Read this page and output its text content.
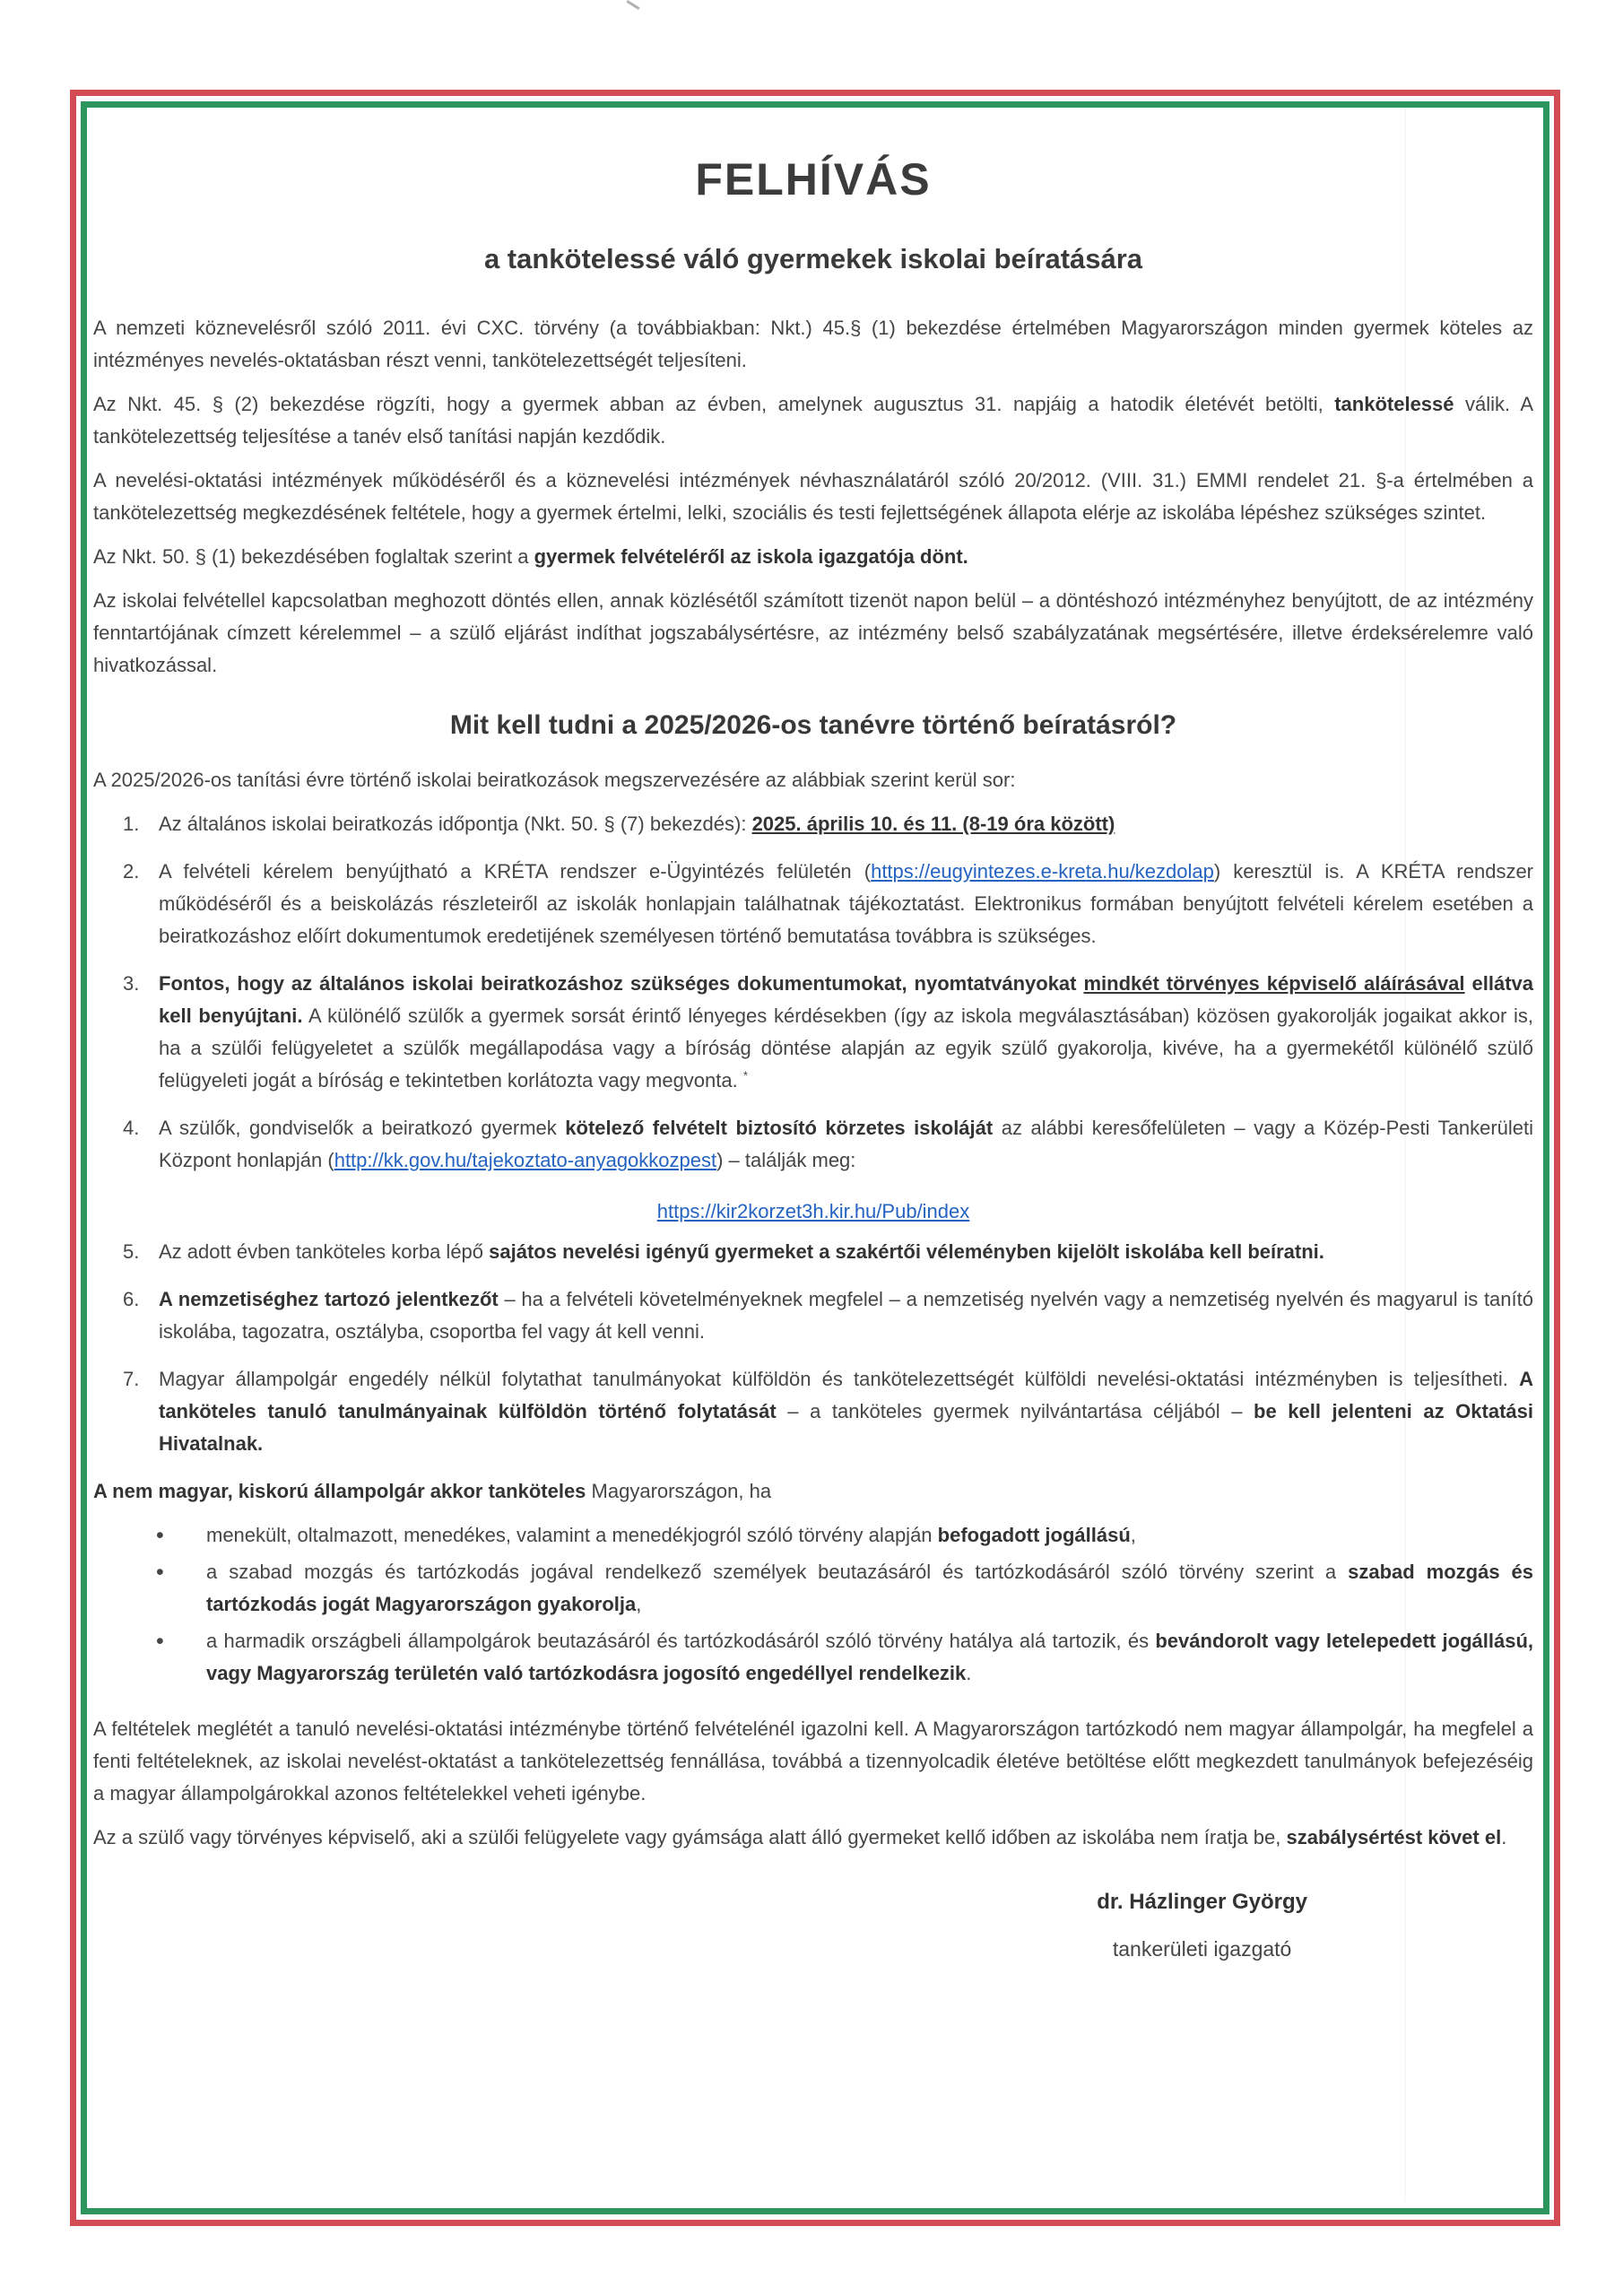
FELHÍVÁS
a tankötelessé váló gyermekek iskolai beíratására

A nemzeti köznevelésről szóló 2011. évi CXC. törvény (a továbbiakban: Nkt.) 45.§ (1) bekezdése értelmében Magyarországon minden gyermek köteles az intézményes nevelés-oktatásban részt venni, tankötelezettségét teljesíteni.

Az Nkt. 45. § (2) bekezdése rögzíti, hogy a gyermek abban az évben, amelynek augusztus 31. napjáig a hatodik életévét betölti, tankötelessé válik. A tankötelezettség teljesítése a tanév első tanítási napján kezdődik.

A nevelési-oktatási intézmények működéséről és a köznevelési intézmények névhasználatáról szóló 20/2012. (VIII. 31.) EMMI rendelet 21. §-a értelmében a tankötelezettség megkezdésének feltétele, hogy a gyermek értelmi, lelki, szociális és testi fejlettségének állapota elérje az iskolába lépéshez szükséges szintet.

Az Nkt. 50. § (1) bekezdésében foglaltak szerint a gyermek felvételéről az iskola igazgatója dönt.

Az iskolai felvétellel kapcsolatban meghozott döntés ellen, annak közlésétől számított tizenöt napon belül – a döntéshozó intézményhez benyújtott, de az intézmény fenntartójának címzett kérelemmel – a szülő eljárást indíthat jogszabálysértésre, az intézmény belső szabályzatának megsértésére, illetve érdeksérelemre való hivatkozással.

Mit kell tudni a 2025/2026-os tanévre történő beíratásról?

A 2025/2026-os tanítási évre történő iskolai beiratkozások megszervezésére az alábbiak szerint kerül sor:

1. Az általános iskolai beiratkozás időpontja (Nkt. 50. § (7) bekezdés): 2025. április 10. és 11. (8-19 óra között)
2. A felvételi kérelem benyújtható a KRÉTA rendszer e-Ügyintézés felületén (https://eugyintezes.e-kreta.hu/kezdolap) keresztül is. A KRÉTA rendszer működéséről és a beiskolázás részleteiről az iskolák honlapjain találhatnak tájékoztatást. Elektronikus formában benyújtott felvételi kérelem esetében a beiratkozáshoz előírt dokumentumok eredetijének személyesen történő bemutatása továbbra is szükséges.
3. Fontos, hogy az általános iskolai beiratkozáshoz szükséges dokumentumokat, nyomtatványokat mindkét törvényes képviselő aláírásával ellátva kell benyújtani. A különélő szülők a gyermek sorsát érintő lényeges kérdésekben (így az iskola megválasztásában) közösen gyakorolják jogaikat akkor is, ha a szülői felügyeletet a szülők megállapodása vagy a bíróság döntése alapján az egyik szülő gyakorolja, kivéve, ha a gyermekétől különélő szülő felügyeleti jogát a bíróság e tekintetben korlátozta vagy megvonta. *
4. A szülők, gondviselők a beiratkozó gyermek kötelező felvételt biztosító körzetes iskoláját az alábbi keresőfelületen – vagy a Közép-Pesti Tankerületi Központ honlapján (http://kk.gov.hu/tajekoztato-anyagokkozpest) – találják meg:

https://kir2korzet3h.kir.hu/Pub/index

5. Az adott évben tanköteles korba lépő sajátos nevelési igényű gyermeket a szakértői véleményben kijelölt iskolába kell beíratni.
6. A nemzetiséghez tartozó jelentkezőt – ha a felvételi követelményeknek megfelel – a nemzetiség nyelvén vagy a nemzetiség nyelvén és magyarul is tanító iskolába, tagozatra, osztályba, csoportba fel vagy át kell venni.
7. Magyar állampolgár engedély nélkül folytathat tanulmányokat külföldön és tankötelezettségét külföldi nevelési-oktatási intézményben is teljesítheti. A tanköteles tanuló tanulmányainak külföldön történő folytatását – a tanköteles gyermek nyilvántartása céljából – be kell jelenteni az Oktatási Hivatalnak.

A nem magyar, kiskorú állampolgár akkor tanköteles Magyarországon, ha

• menekült, oltalmazott, menedékes, valamint a menedékjogról szóló törvény alapján befogadott jogállású,
• a szabad mozgás és tartózkodás jogával rendelkező személyek beutazásáról és tartózkodásáról szóló törvény szerint a szabad mozgás és tartózkodás jogát Magyarországon gyakorolja,
• a harmadik országbeli állampolgárok beutazásáról és tartózkodásáról szóló törvény hatálya alá tartozik, és bevándorolt vagy letelepedett jogállású, vagy Magyarország területén való tartózkodásra jogosító engedéllyel rendelkezik.

A feltételek meglétét a tanuló nevelési-oktatási intézménybe történő felvételénél igazolni kell. A Magyarországon tartózkodó nem magyar állampolgár, ha megfelel a fenti feltételeknek, az iskolai nevelést-oktatást a tankötelezettség fennállása, továbbá a tizennyolcadik életéve betöltése előtt megkezdett tanulmányok befejezéséig a magyar állampolgárokkal azonos feltételekkel veheti igénybe.

Az a szülő vagy törvényes képviselő, aki a szülői felügyelete vagy gyámsága alatt álló gyermeket kellő időben az iskolába nem íratja be, szabálysértést követ el.

dr. Házlinger György
tankerületi igazgató
